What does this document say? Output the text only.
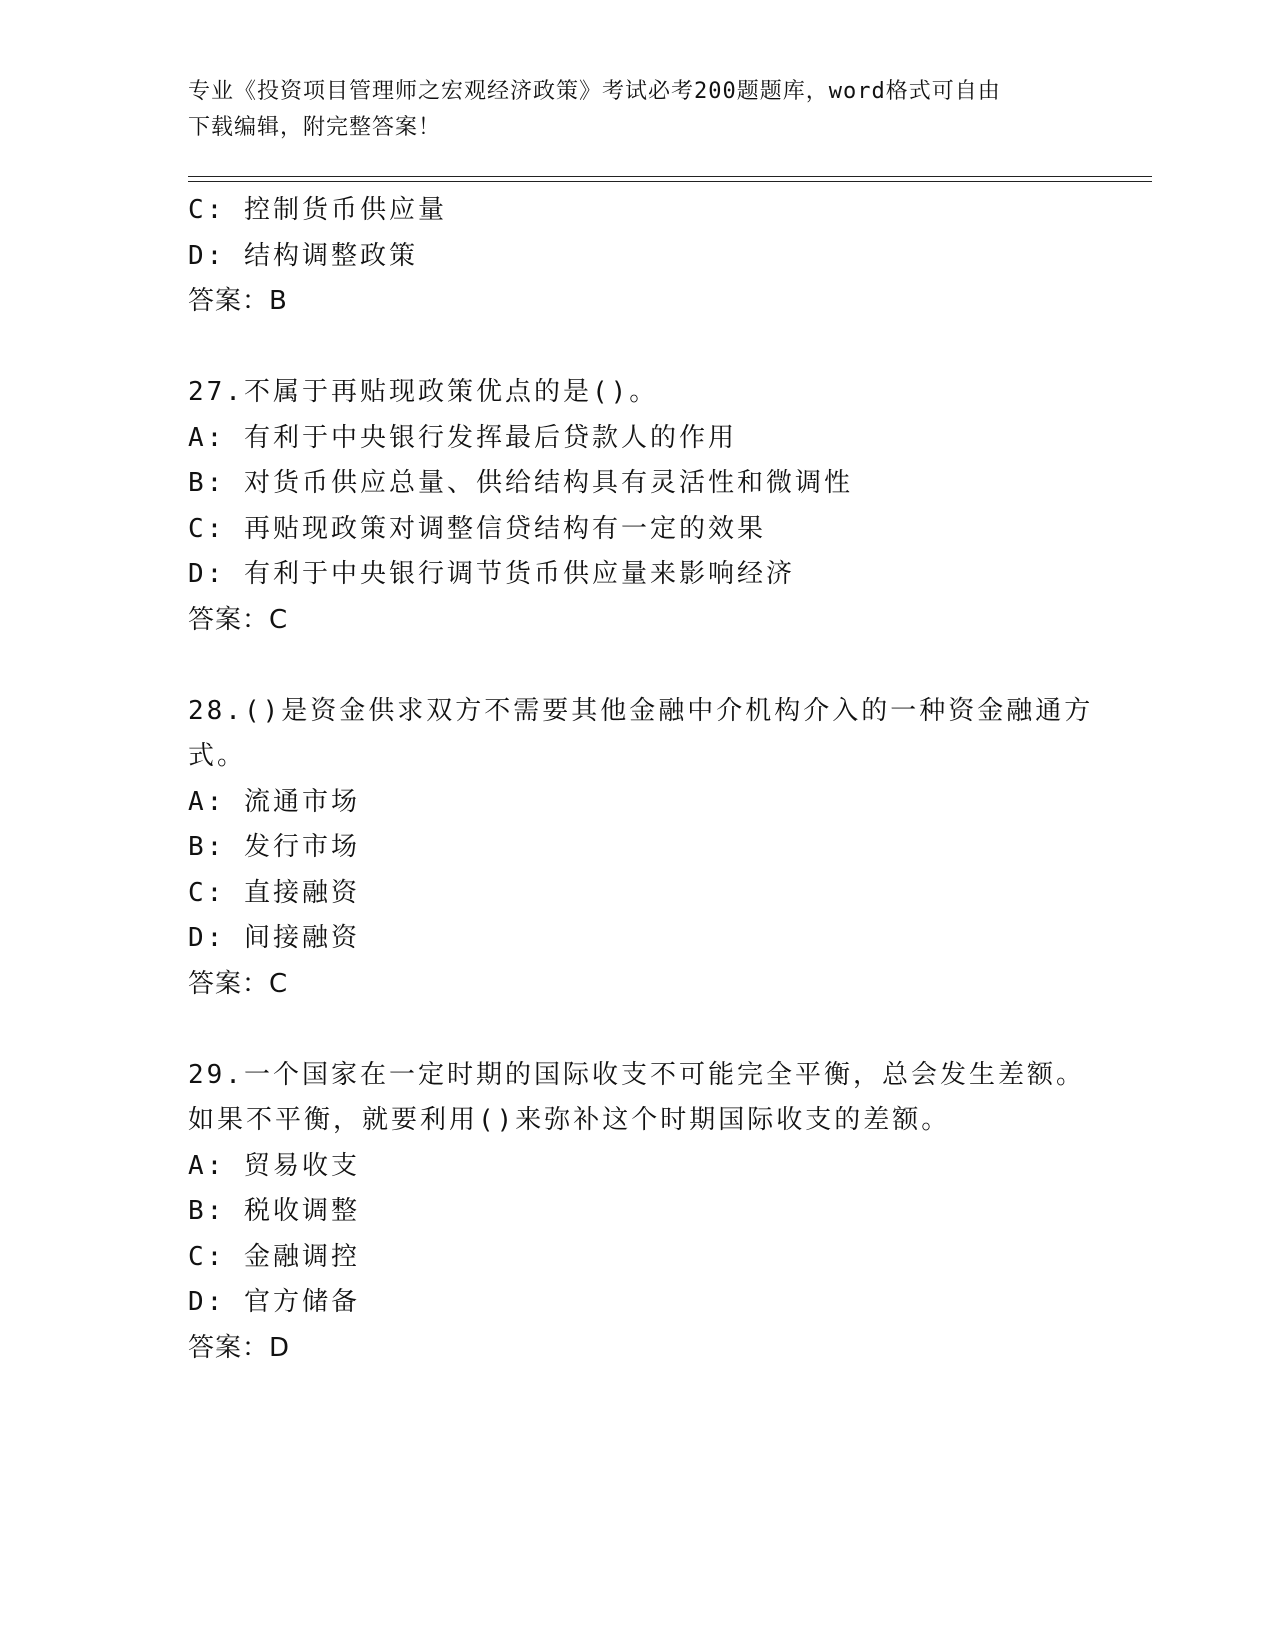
专业《投资项目管理师之宏观经济政策》考试必考200题题库，word格式可自由
下载编辑，附完整答案！
C: 控制货币供应量
D: 结构调整政策
答案：B
27.不属于再贴现政策优点的是()。
A: 有利于中央银行发挥最后贷款人的作用
B: 对货币供应总量、供给结构具有灵活性和微调性
C: 再贴现政策对调整信贷结构有一定的效果
D: 有利于中央银行调节货币供应量来影响经济
答案：C
28.()是资金供求双方不需要其他金融中介机构介入的一种资金融通方
式。
A: 流通市场
B: 发行市场
C: 直接融资
D: 间接融资
答案：C
29.一个国家在一定时期的国际收支不可能完全平衡，总会发生差额。
如果不平衡，就要利用()来弥补这个时期国际收支的差额。
A: 贸易收支
B: 税收调整
C: 金融调控
D: 官方储备
答案：D
